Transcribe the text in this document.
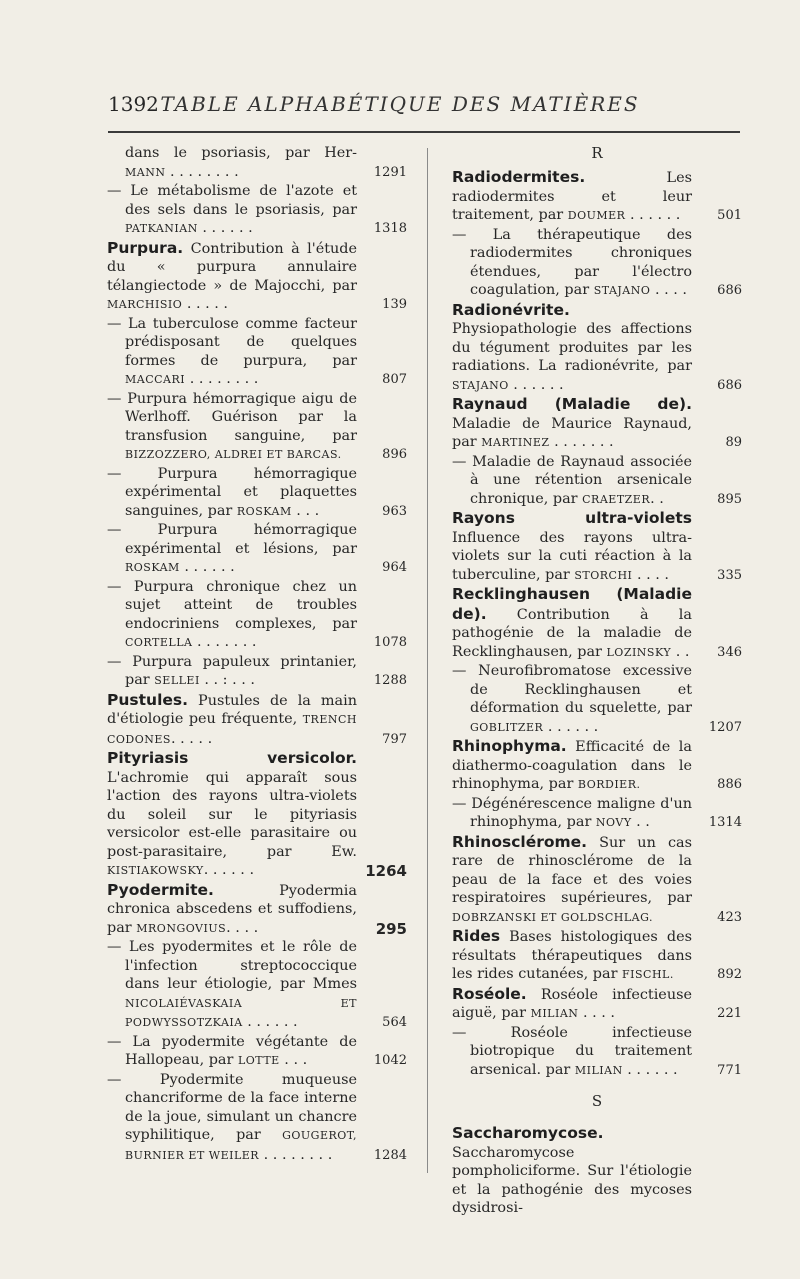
1392 TABLE ALPHABÉTIQUE DES MATIÈRES
dans le psoriasis, par Her- MANN . . . . . . . .	1291
— Le métabolisme de l'azote et des sels dans le psoriasis, par PATKANIAN . . . . . .	1318
Purpura. Contribution à l'étude du « purpura annulaire télangiectode » de Majocchi, par MARCHISIO . . . . .	139
— La tuberculose comme facteur prédisposant de quelques formes de purpura, par MACCARI . . . . . . . .	807
— Purpura hémorragique aigu de Werlhoff. Guérison par la transfusion sanguine, par BIZZOZZERO, ALDREI ET BARCAS.	896
— Purpura hémorragique expérimental et plaquettes sanguines, par ROSKAM . . .	963
— Purpura hémorragique expérimental et lésions, par ROSKAM . . . . . .	964
— Purpura chronique chez un sujet atteint de troubles endocriniens complexes, par CORTELLA . . . . . . .	1078
— Purpura papuleux printanier, par SELLEI . . : . . .	1288
Pustules. Pustules de la main d'étiologie peu fréquente, TRENCH CODONES. . . . .	797
Pityriasis versicolor. L'achromie qui apparaît sous l'action des rayons ultra-violets du soleil sur le pityriasis versicolor est-elle parasitaire ou post-parasitaire, par Ew. KISTIAKOWSKY. . . . . .	1264
Pyodermite. Pyodermia chronica abscedens et suffodiens, par MRONGOVIUS. . . .	295
— Les pyodermites et le rôle de l'infection streptococcique dans leur étiologie, par Mmes NICOLAIÉVASKAIA ET PODWYSSOTZKAIA . . . . . .	564
— La pyodermite végétante de Hallopeau, par LOTTE . . .	1042
— Pyodermite muqueuse chancriforme de la face interne de la joue, simulant un chancre syphilitique, par GOUGEROT, BURNIER ET WEILER . . . . . . . .	1284
R
Radiodermites. Les radiodermites et leur traitement, par DOUMER . . . . . .	501
— La thérapeutique des radiodermites chroniques étendues, par l'électro coagulation, par STAJANO . . . .	686
Radionévrite. Physiopathologie des affections du tégument produites par les radiations. La radionévrite, par STAJANO . . . . . .	686
Raynaud (Maladie de). Maladie de Maurice Raynaud, par MARTINEZ . . . . . . .	89
— Maladie de Raynaud associée à une rétention arsenicale chronique, par CRAETZER. .	895
Rayons ultra-violets Influence des rayons ultra-violets sur la cuti réaction à la tuberculine, par STORCHI . . . .	335
Recklinghausen (Maladie de). Contribution à la pathogénie de la maladie de Recklinghausen, par LOZINSKY . . 346
— Neurofibromatose excessive de Recklinghausen et déformation du squelette, par GOBLITZER . . . . . .	1207
Rhinophyma. Efficacité de la diathermo-coagulation dans le rhinophyma, par BORDIER.	886
— Dégénérescence maligne d'un rhinophyma, par NOVY . .	1314
Rhinosclérome. Sur un cas rare de rhinosclérome de la peau de la face et des voies respiratoires supérieures, par DOBRZANSKI ET GOLDSCHLAG.	423
Rides Bases histologiques des résultats thérapeutiques dans les rides cutanées, par FISCHL.	892
Roséole. Roséole infectieuse aiguë, par MILIAN . . . .	221
— Roséole infectieuse biotropique du traitement arsenical. par MILIAN . . . . . .	771
S
Saccharomycose. Saccharomycose pompholiciforme. Sur l'étiologie et la pathogénie des mycoses dysidrosi-
